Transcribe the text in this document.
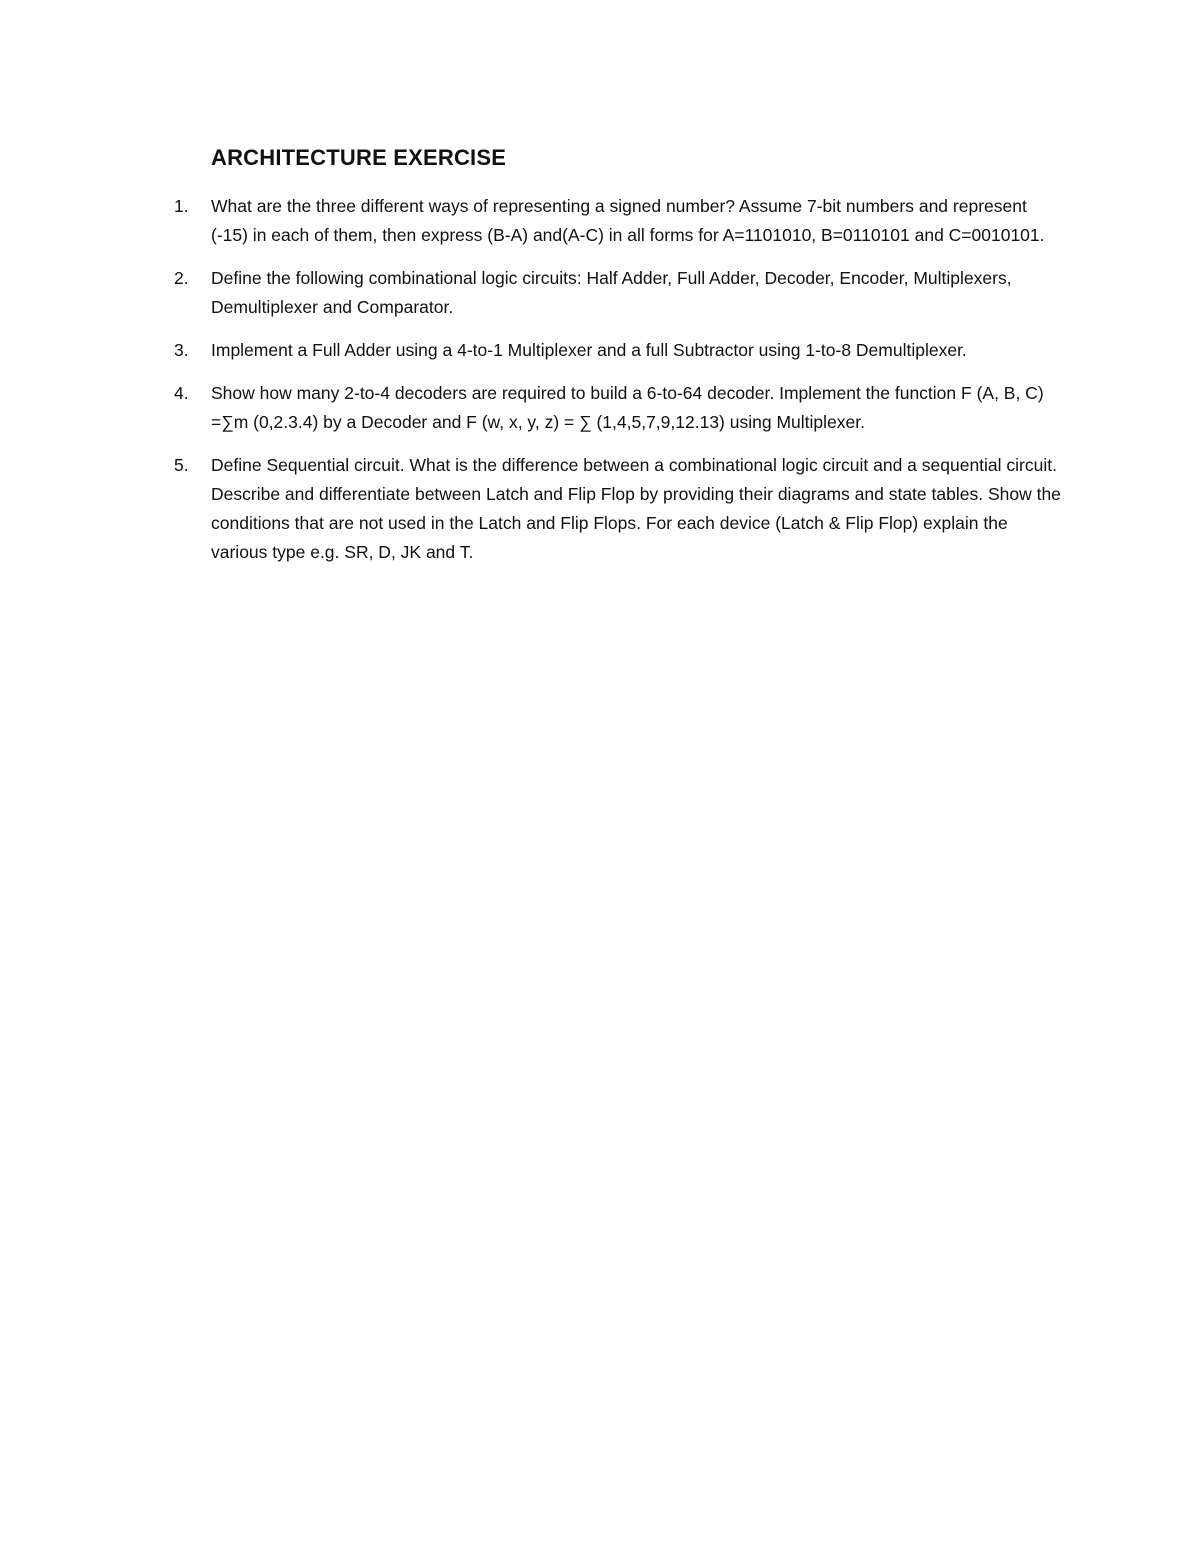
ARCHITECTURE EXERCISE
1. What are the three different ways of representing a signed number? Assume 7-bit numbers and represent (-15) in each of them, then express (B-A) and(A-C) in all forms for A=1101010, B=0110101 and C=0010101.
2. Define the following combinational logic circuits: Half Adder, Full Adder, Decoder, Encoder, Multiplexers, Demultiplexer and Comparator.
3. Implement a Full Adder using a 4-to-1 Multiplexer and a full Subtractor using 1-to-8 Demultiplexer.
4. Show how many 2-to-4 decoders are required to build a 6-to-64 decoder. Implement the function F (A, B, C) =∑m (0,2.3.4) by a Decoder and F (w, x, y, z) = ∑ (1,4,5,7,9,12.13) using Multiplexer.
5. Define Sequential circuit. What is the difference between a combinational logic circuit and a sequential circuit. Describe and differentiate between Latch and Flip Flop by providing their diagrams and state tables. Show the conditions that are not used in the Latch and Flip Flops. For each device (Latch & Flip Flop) explain the various type e.g. SR, D, JK and T.
